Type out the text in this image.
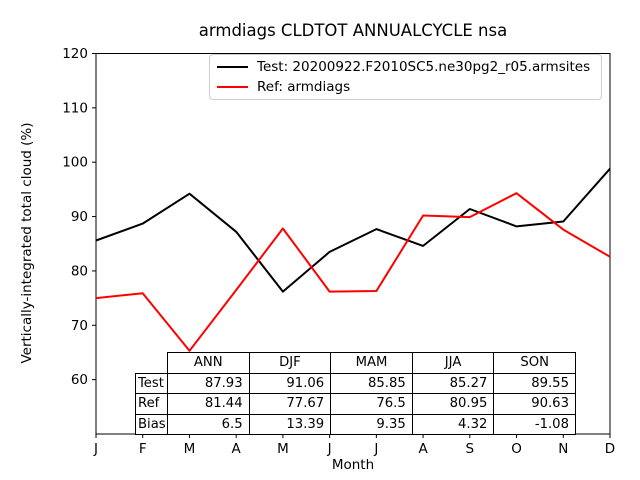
armdiags CLDTOT ANNUALCYCLE nsa
Vertically-integrated total cloud (%)
60
70
80
90
100
110
120
J	F	M	A	M	J	J	A	S	O	N	D
Test: 20200922.F2010SC5.ne30pg2_r05.armsites
Ref: armdiags
	ANN	DJF	MAM	JJA	SON
Test	87.93	91.06	85.85	85.27	89.55
Ref	81.44	77.67	76.5	80.95	90.63
Bias	6.5	13.39	9.35	4.32	-1.08
Month
